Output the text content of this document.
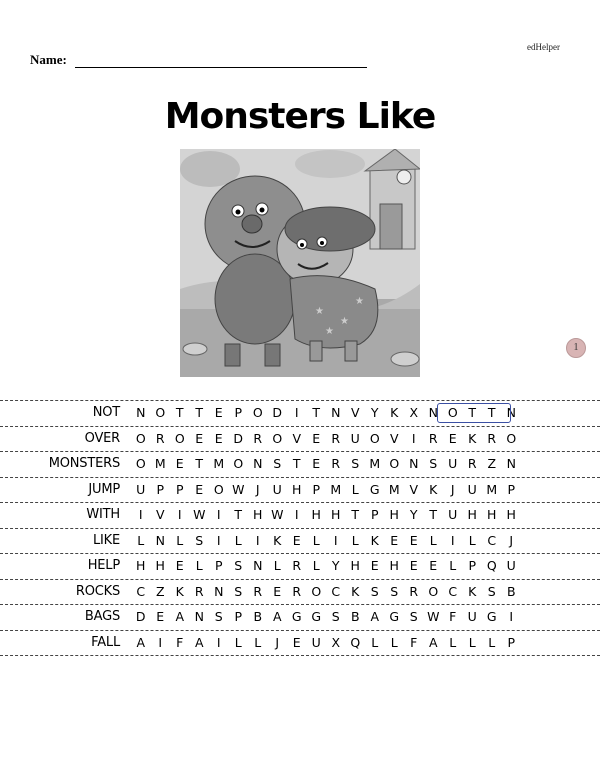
edHelper
Name:
Monsters Like
★
★
★
★
1
NOT	N O T T E P O D	I	T N V Y K X N O T T N
OVER	O R O E E D R O V E R U O V	I	R E K R O
MONSTERS	O M E T M O N S T E R S M O N S U R Z N
JUMP	U P P E O W J	U H P M L G M V K	J	U M P
WITH	I	V	I W I	T H W I	H H T P H Y T U H H H
LIKE	L N L S	I	L	I	K E L	I	L K E E L	I	L C	J
HELP	H H E L P S N L R L Y H E H E E L P Q U
ROCKS	C Z K R N S R E R O C K S S R O C K S B
BAGS	D E A N S P B A G G S B A G S W F U G	I
FALL	A	I	F A	I	L	L	J	E U X Q L	L F A L	L	L P
